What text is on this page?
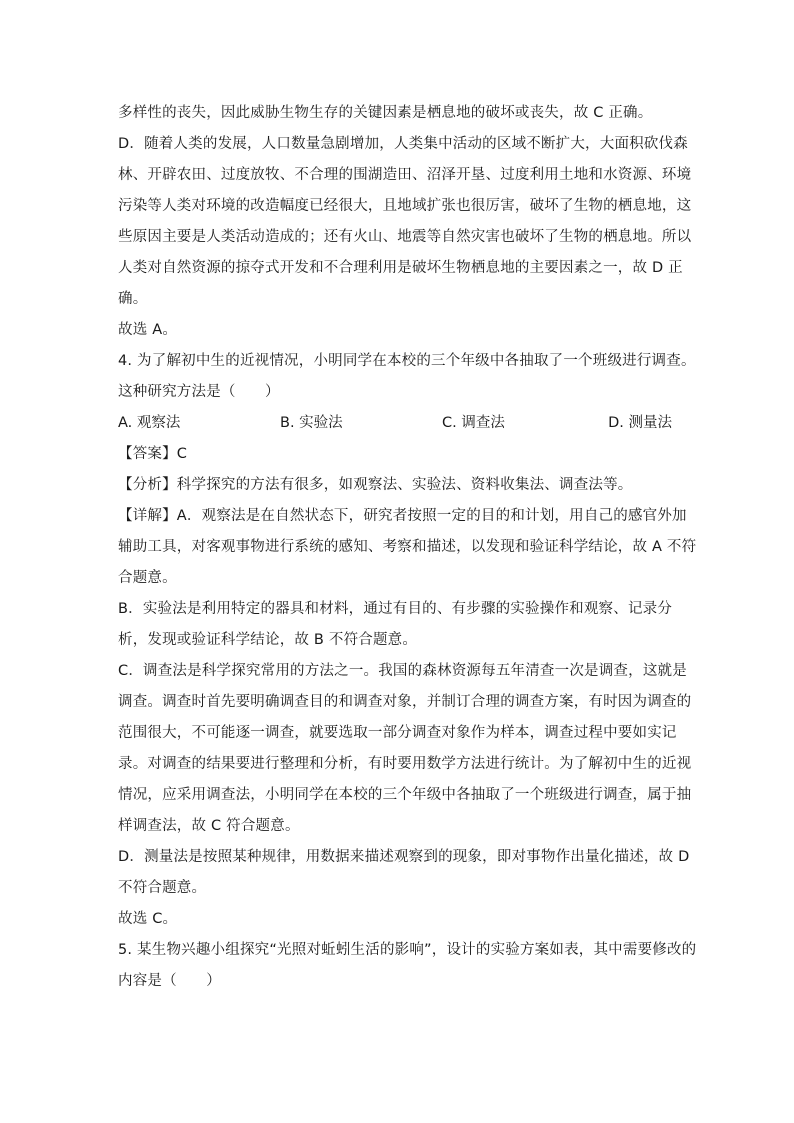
多样性的丧失，因此威胁生物生存的关键因素是栖息地的破坏或丧失，故 C 正确。
D．随着人类的发展，人口数量急剧增加，人类集中活动的区域不断扩大，大面积砍伐森
林、开辟农田、过度放牧、不合理的围湖造田、沼泽开垦、过度利用土地和水资源、环境
污染等人类对环境的改造幅度已经很大，且地域扩张也很厉害，破坏了生物的栖息地，这
些原因主要是人类活动造成的；还有火山、地震等自然灾害也破坏了生物的栖息地。所以
人类对自然资源的掠夺式开发和不合理利用是破坏生物栖息地的主要因素之一，故 D 正
确。
故选 A。
4. 为了解初中生的近视情况，小明同学在本校的三个年级中各抽取了一个班级进行调查。
这种研究方法是（　　）
A. 观察法	B. 实验法	C. 调查法	D. 测量法
【答案】C
【分析】科学探究的方法有很多，如观察法、实验法、资料收集法、调查法等。
【详解】A．观察法是在自然状态下，研究者按照一定的目的和计划，用自己的感官外加
辅助工具，对客观事物进行系统的感知、考察和描述，以发现和验证科学结论，故 A 不符
合题意。
B．实验法是利用特定的器具和材料，通过有目的、有步骤的实验操作和观察、记录分
析，发现或验证科学结论，故 B 不符合题意。
C．调查法是科学探究常用的方法之一。我国的森林资源每五年清查一次是调查，这就是
调查。调查时首先要明确调查目的和调查对象，并制订合理的调查方案，有时因为调查的
范围很大，不可能逐一调查，就要选取一部分调查对象作为样本，调查过程中要如实记
录。对调查的结果要进行整理和分析，有时要用数学方法进行统计。为了解初中生的近视
情况，应采用调查法，小明同学在本校的三个年级中各抽取了一个班级进行调查，属于抽
样调查法，故 C 符合题意。
D．测量法是按照某种规律，用数据来描述观察到的现象，即对事物作出量化描述，故 D
不符合题意。
故选 C。
5. 某生物兴趣小组探究“光照对蚯蚓生活的影响”，设计的实验方案如表，其中需要修改的
内容是（　　）
